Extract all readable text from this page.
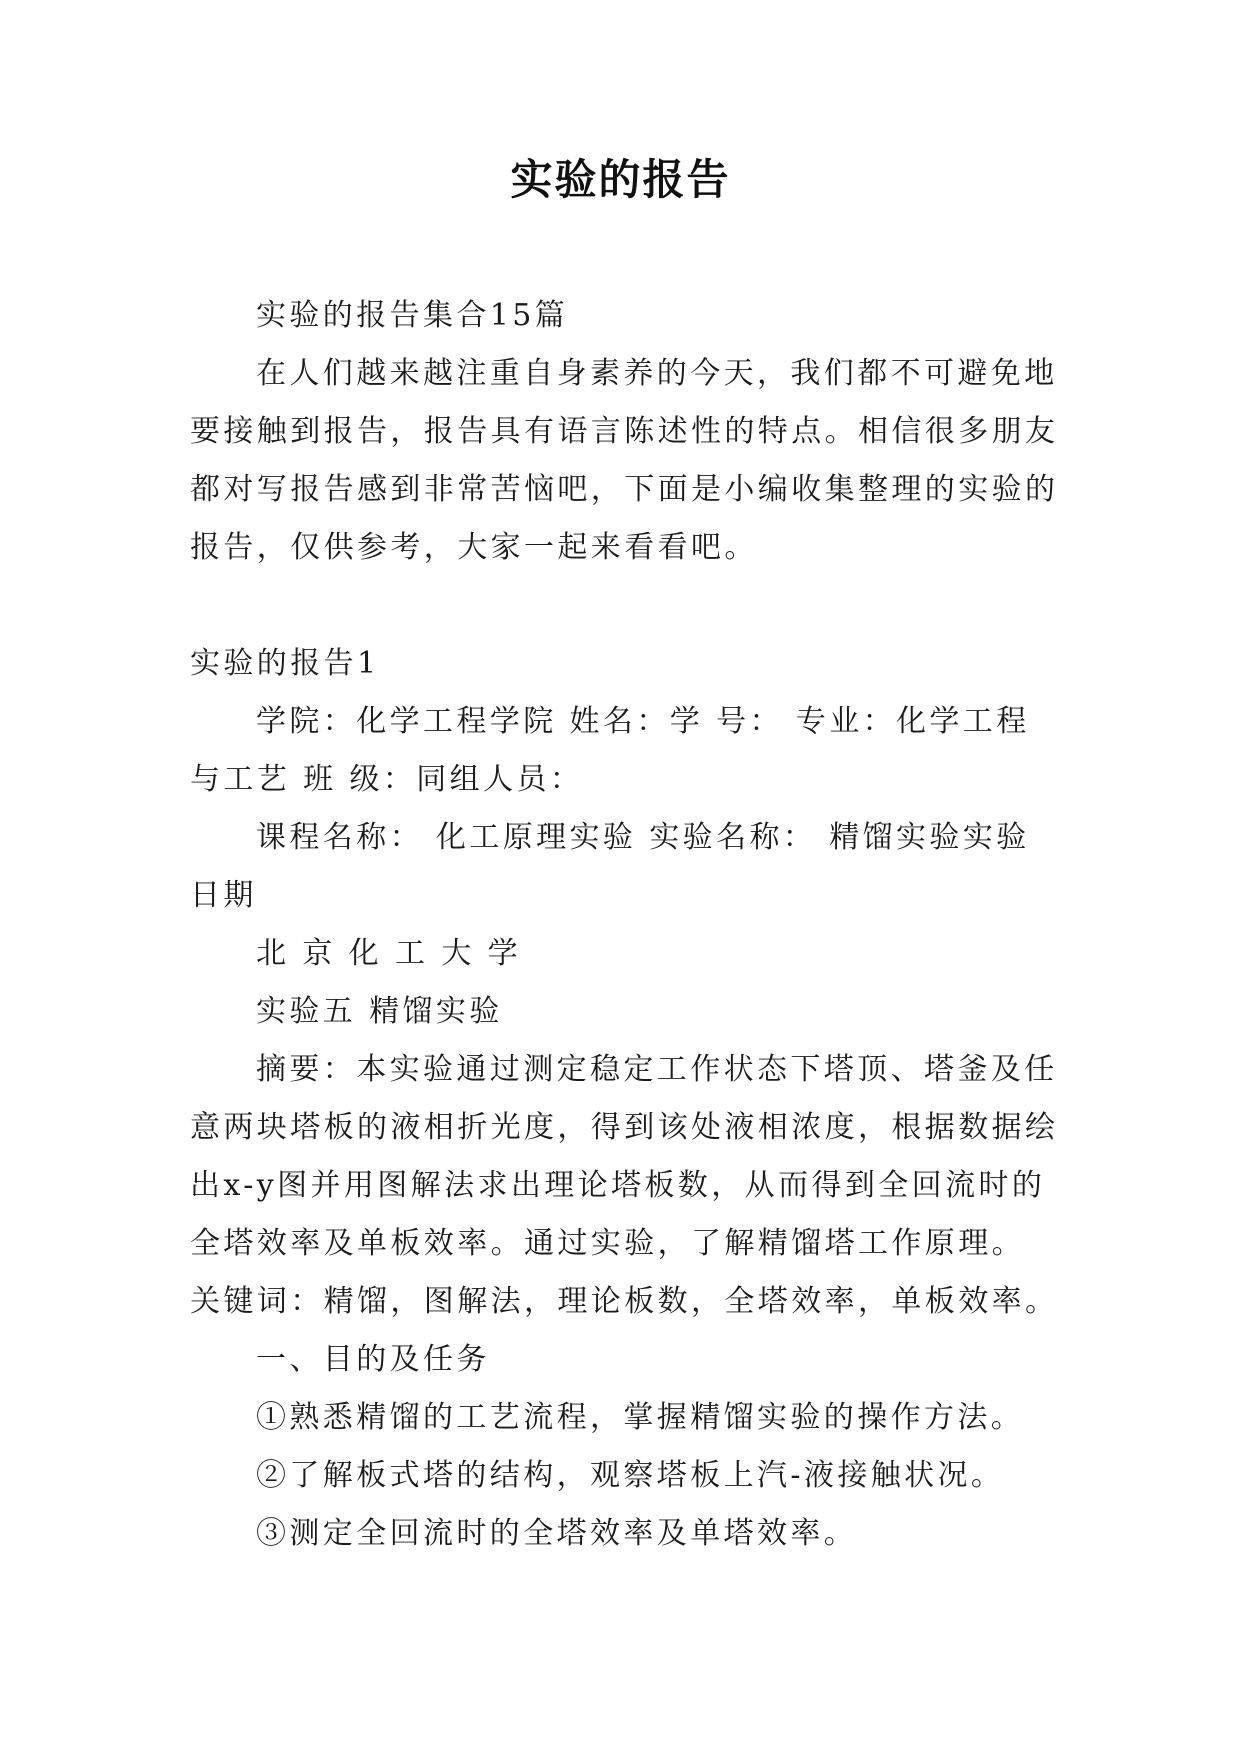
实验的报告
实验的报告集合15篇
在人们越来越注重自身素养的今天，我们都不可避免地
要接触到报告，报告具有语言陈述性的特点。相信很多朋友
都对写报告感到非常苦恼吧，下面是小编收集整理的实验的
报告，仅供参考，大家一起来看看吧。
实验的报告1
学院：化学工程学院 姓名：学 号： 专业：化学工程
与工艺 班 级：同组人员：
课程名称： 化工原理实验 实验名称： 精馏实验实验
日期
北 京 化 工 大 学
实验五 精馏实验
摘要：本实验通过测定稳定工作状态下塔顶、塔釜及任
意两块塔板的液相折光度，得到该处液相浓度，根据数据绘
出x-y图并用图解法求出理论塔板数，从而得到全回流时的
全塔效率及单板效率。通过实验，了解精馏塔工作原理。
关键词：精馏，图解法，理论板数，全塔效率，单板效率。
一、目的及任务
①熟悉精馏的工艺流程，掌握精馏实验的操作方法。
②了解板式塔的结构，观察塔板上汽-液接触状况。
③测定全回流时的全塔效率及单塔效率。
